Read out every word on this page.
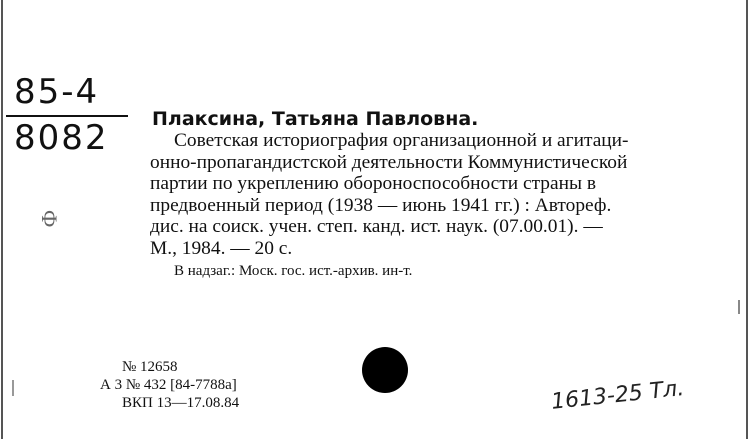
85-4
8082
Ф
Плаксина, Татьяна Павловна.
Советская историография организационной и агитаци-
онно-пропагандистской деятельности Коммунистической
партии по укреплению обороноспособности страны в
предвоенный период (1938 — июнь 1941 гг.) : Автореф.
дис. на соиск. учен. степ. канд. ист. наук. (07.00.01). —
М., 1984. — 20 с.
В надзаг.: Моск. гос. ист.-архив. ин-т.
№ 12658
А 3 № 432 [84-7788а]
ВКП 13—17.08.84	1613-25 Тл.
